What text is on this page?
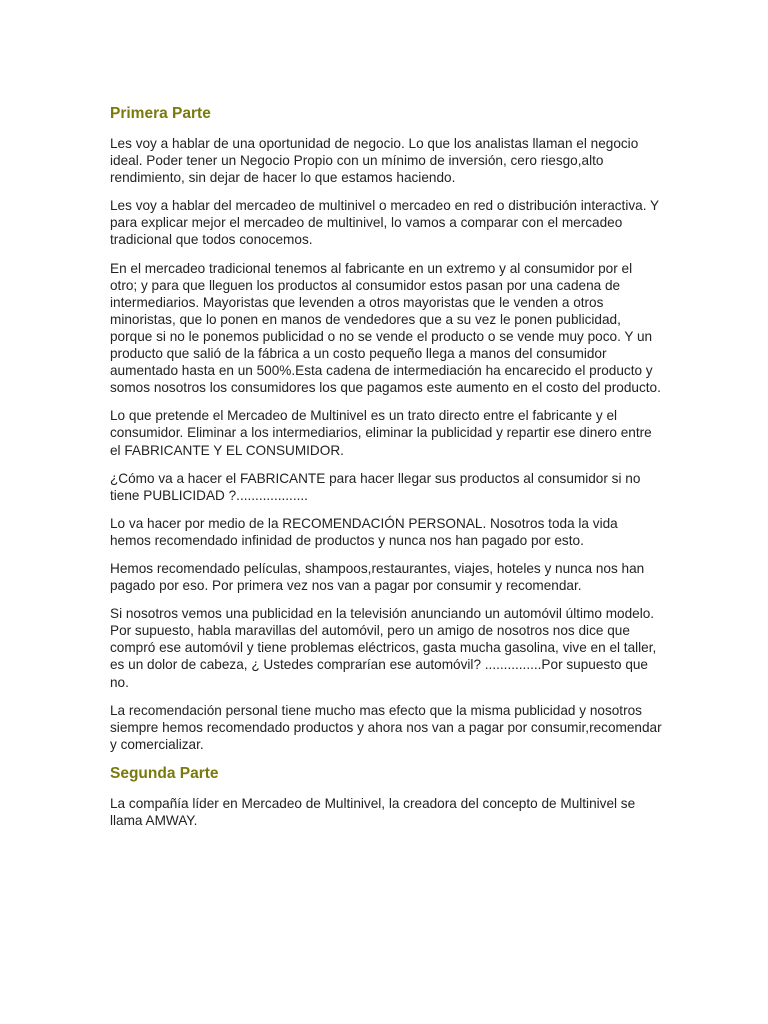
Primera Parte

Les voy a hablar de una oportunidad de negocio. Lo que los analistas llaman el negocio ideal. Poder tener un Negocio Propio con un mínimo de inversión, cero riesgo,alto rendimiento, sin dejar de hacer lo que estamos haciendo.

Les voy a hablar del mercadeo de multinivel o mercadeo en red o distribución interactiva. Y para explicar mejor el mercadeo de multinivel, lo vamos a comparar con el mercadeo tradicional que todos conocemos.

En el mercadeo tradicional tenemos al fabricante en un extremo y al consumidor por el otro; y para que lleguen los productos al consumidor estos pasan por una cadena de intermediarios. Mayoristas que levenden a otros mayoristas que le venden a otros minoristas, que lo ponen en manos de vendedores que a su vez le ponen publicidad, porque si no le ponemos publicidad o no se vende el producto o se vende muy poco. Y un producto que salió de la fábrica a un costo pequeño llega a manos del consumidor aumentado hasta en un 500%.Esta cadena de intermediación ha encarecido el producto y somos nosotros los consumidores los que pagamos este aumento en el costo del producto.

Lo que pretende el Mercadeo de Multinivel es un trato directo entre el fabricante y el consumidor. Eliminar a los intermediarios, eliminar la publicidad y repartir ese dinero entre el FABRICANTE Y EL CONSUMIDOR.

¿Cómo va a hacer el FABRICANTE para hacer llegar sus productos al consumidor si no tiene PUBLICIDAD ?...................

Lo va hacer por medio de la RECOMENDACIÓN PERSONAL. Nosotros toda la vida hemos recomendado infinidad de productos y nunca nos han pagado por esto.

Hemos recomendado películas, shampoos,restaurantes, viajes, hoteles y nunca nos han pagado por eso. Por primera vez nos van a pagar por consumir y recomendar.

Si nosotros vemos una publicidad en la televisión anunciando un automóvil último modelo. Por supuesto, habla maravillas del automóvil, pero un amigo de nosotros nos dice que compró ese automóvil y tiene problemas eléctricos, gasta mucha gasolina, vive en el taller, es un dolor de cabeza, ¿ Ustedes comprarían ese automóvil? ...............Por supuesto que no.

La recomendación personal tiene mucho mas efecto que la misma publicidad y nosotros siempre hemos recomendado productos y ahora nos van a pagar por consumir,recomendar y comercializar.

Segunda Parte

La compañía líder en Mercadeo de Multinivel, la creadora del concepto de Multinivel se llama AMWAY.
